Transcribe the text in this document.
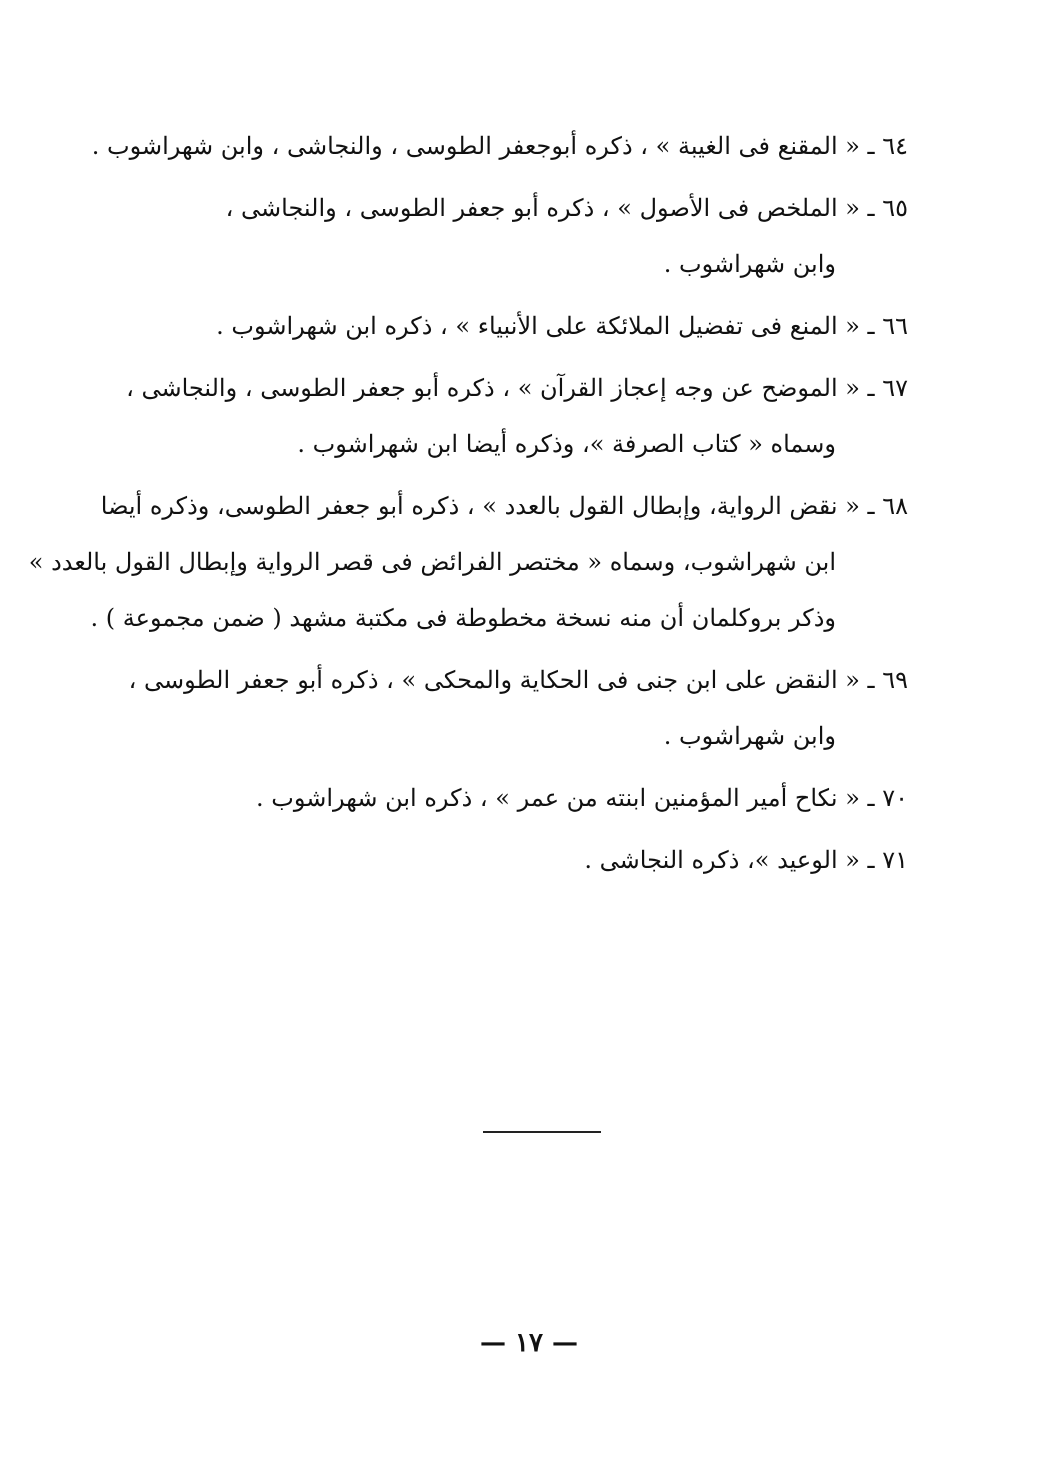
٦٤ ـ « المقنع فى الغيبة » ، ذكره أبوجعفر الطوسى ، والنجاشى ، وابن شهراشوب .

٦٥ ـ « الملخص فى الأصول » ، ذكره أبو جعفر الطوسى ، والنجاشى ،
وابن شهراشوب .

٦٦ ـ « المنع فى تفضيل الملائكة على الأنبياء » ، ذكره ابن شهراشوب .

٦٧ ـ « الموضح عن وجه إعجاز القرآن » ، ذكره أبو جعفر الطوسى ، والنجاشى ،
وسماه « كتاب الصرفة »، وذكره أيضا ابن شهراشوب .

٦٨ ـ « نقض الرواية، وإبطال القول بالعدد » ، ذكره أبو جعفر الطوسى، وذكره أيضا
ابن شهراشوب، وسماه « مختصر الفرائض فى قصر الرواية وإبطال القول بالعدد »
وذكر بروكلمان أن منه نسخة مخطوطة فى مكتبة مشهد ( ضمن مجموعة ) .

٦٩ ـ « النقض على ابن جنى فى الحكاية والمحكى » ، ذكره أبو جعفر الطوسى ،
وابن شهراشوب .

٧٠ ـ « نكاح أمير المؤمنين ابنته من عمر » ، ذكره ابن شهراشوب .

٧١ ـ « الوعيد »، ذكره النجاشى .

— ١٧ —
